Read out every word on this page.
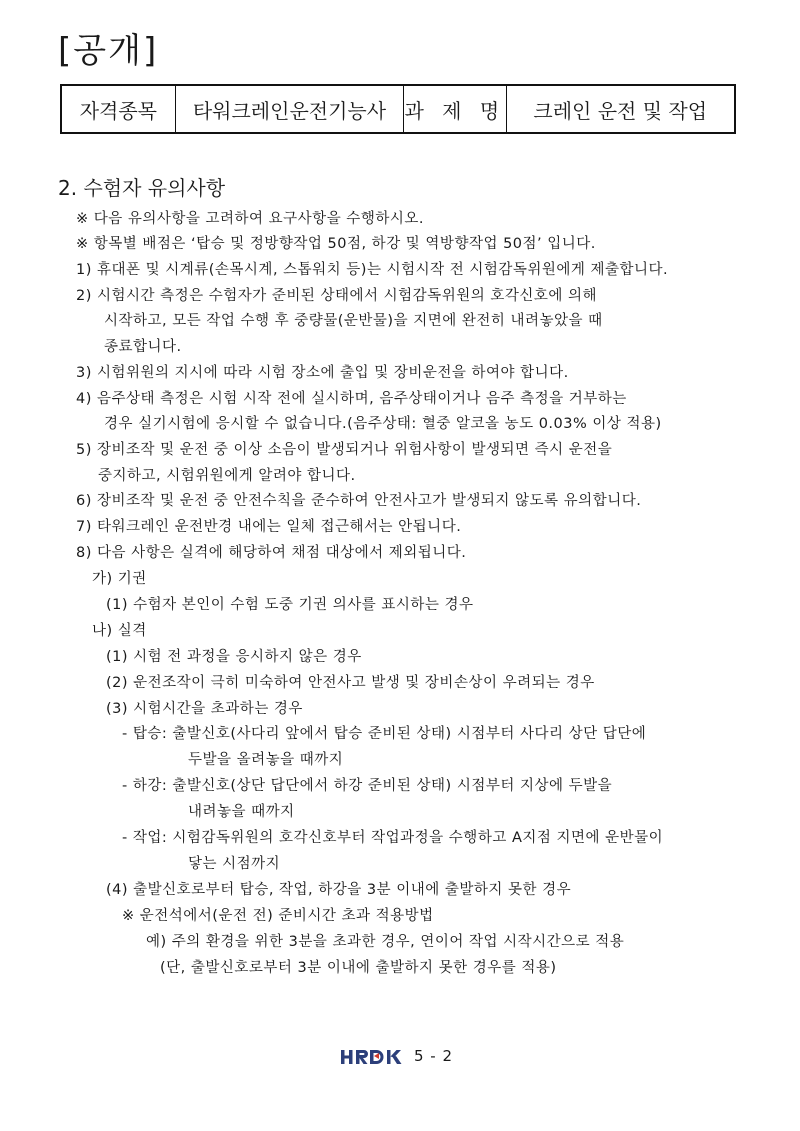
[공개]
자격종목	타워크레인운전기능사	과 제 명	크레인 운전 및 작업
2. 수험자 유의사항
※ 다음 유의사항을 고려하여 요구사항을 수행하시오.
※ 항목별 배점은 ‘탑승 및 정방향작업 50점, 하강 및 역방향작업 50점’ 입니다.
1) 휴대폰 및 시계류(손목시계, 스톱워치 등)는 시험시작 전 시험감독위원에게 제출합니다.
2) 시험시간 측정은 수험자가 준비된 상태에서 시험감독위원의 호각신호에 의해
시작하고, 모든 작업 수행 후 중량물(운반물)을 지면에 완전히 내려놓았을 때
종료합니다.
3) 시험위원의 지시에 따라 시험 장소에 출입 및 장비운전을 하여야 합니다.
4) 음주상태 측정은 시험 시작 전에 실시하며, 음주상태이거나 음주 측정을 거부하는
경우 실기시험에 응시할 수 없습니다.(음주상태: 혈중 알코올 농도 0.03% 이상 적용)
5) 장비조작 및 운전 중 이상 소음이 발생되거나 위험사항이 발생되면 즉시 운전을
중지하고, 시험위원에게 알려야 합니다.
6) 장비조작 및 운전 중 안전수칙을 준수하여 안전사고가 발생되지 않도록 유의합니다.
7) 타워크레인 운전반경 내에는 일체 접근해서는 안됩니다.
8) 다음 사항은 실격에 해당하여 채점 대상에서 제외됩니다.
가) 기권
(1) 수험자 본인이 수험 도중 기권 의사를 표시하는 경우
나) 실격
(1) 시험 전 과정을 응시하지 않은 경우
(2) 운전조작이 극히 미숙하여 안전사고 발생 및 장비손상이 우려되는 경우
(3) 시험시간을 초과하는 경우
- 탑승: 출발신호(사다리 앞에서 탑승 준비된 상태) 시점부터 사다리 상단 답단에
두발을 올려놓을 때까지
- 하강: 출발신호(상단 답단에서 하강 준비된 상태) 시점부터 지상에 두발을
내려놓을 때까지
- 작업: 시험감독위원의 호각신호부터 작업과정을 수행하고 A지점 지면에 운반물이
닿는 시점까지
(4) 출발신호로부터 탑승, 작업, 하강을 3분 이내에 출발하지 못한 경우
※ 운전석에서(운전 전) 준비시간 초과 적용방법
예) 주의 환경을 위한 3분을 초과한 경우, 연이어 작업 시작시간으로 적용
(단, 출발신호로부터 3분 이내에 출발하지 못한 경우를 적용)
5 - 2
